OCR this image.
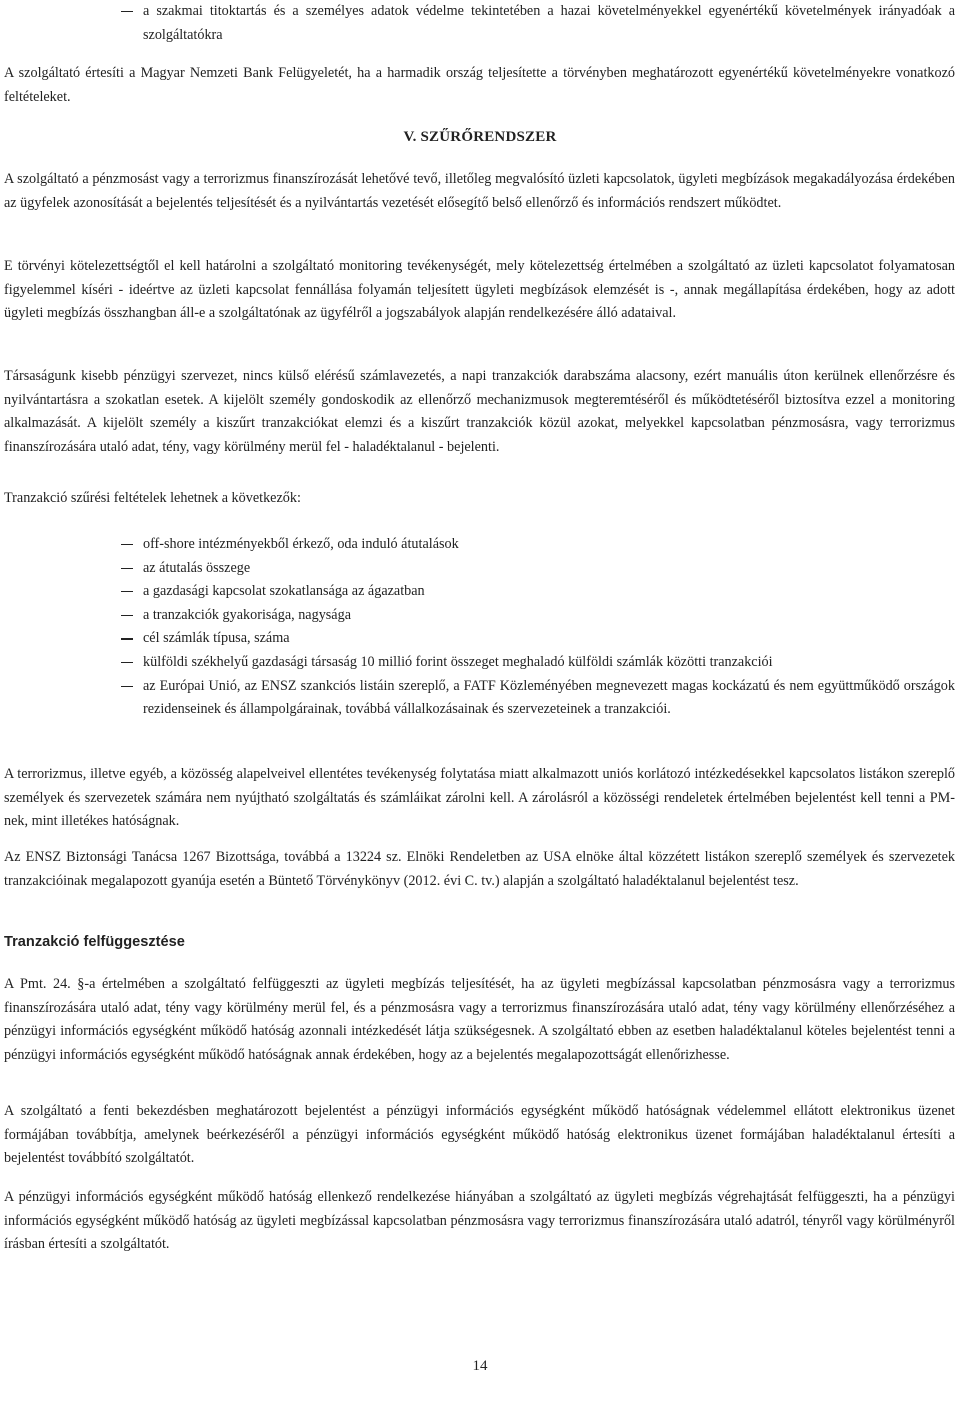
a szakmai titoktartás és a személyes adatok védelme tekintetében a hazai követelményekkel egyenértékű követelmények irányadóak a szolgáltatókra

A szolgáltató értesíti a Magyar Nemzeti Bank Felügyeletét, ha a harmadik ország teljesítette a törvényben meghatározott egyenértékű követelményekre vonatkozó feltételeket.

V. SZŰRŐRENDSZER

A szolgáltató a pénzmosást vagy a terrorizmus finanszírozását lehetővé tevő, illetőleg megvalósító üzleti kapcsolatok, ügyleti megbízások megakadályozása érdekében az ügyfelek azonosítását a bejelentés teljesítését és a nyilvántartás vezetését elősegítő belső ellenőrző és információs rendszert működtet.

E törvényi kötelezettségtől el kell határolni a szolgáltató monitoring tevékenységét, mely kötelezettség értelmében a szolgáltató az üzleti kapcsolatot folyamatosan figyelemmel kíséri - ideértve az üzleti kapcsolat fennállása folyamán teljesített ügyleti megbízások elemzését is -, annak megállapítása érdekében, hogy az adott ügyleti megbízás összhangban áll-e a szolgáltatónak az ügyfélről a jogszabályok alapján rendelkezésére álló adataival.

Társaságunk kisebb pénzügyi szervezet, nincs külső elérésű számlavezetés, a napi tranzakciók darabszáma alacsony, ezért manuális úton kerülnek ellenőrzésre és nyilvántartásra a szokatlan esetek. A kijelölt személy gondoskodik az ellenőrző mechanizmusok megteremtéséről és működtetéséről biztosítva ezzel a monitoring alkalmazását. A kijelölt személy a kiszűrt tranzakciókat elemzi és a kiszűrt tranzakciók közül azokat, melyekkel kapcsolatban pénzmosásra, vagy terrorizmus finanszírozására utaló adat, tény, vagy körülmény merül fel - haladéktalanul - bejelenti.

Tranzakció szűrési feltételek lehetnek a következők:

off-shore intézményekből érkező, oda induló átutalások
az átutalás összege
a gazdasági kapcsolat szokatlansága az ágazatban
a tranzakciók gyakorisága, nagysága
cél számlák típusa, száma
külföldi székhelyű gazdasági társaság 10 millió forint összeget meghaladó külföldi számlák közötti tranzakciói
az Európai Unió, az ENSZ szankciós listáin szereplő, a FATF Közleményében megnevezett magas kockázatú és nem együttműködő országok rezidenseinek és állampolgárainak, továbbá vállalkozásainak és szervezeteinek a tranzakciói.

A terrorizmus, illetve egyéb, a közösség alapelveivel ellentétes tevékenység folytatása miatt alkalmazott uniós korlátozó intézkedésekkel kapcsolatos listákon szereplő személyek és szervezetek számára nem nyújtható szolgáltatás és számláikat zárolni kell. A zárolásról a közösségi rendeletek értelmében bejelentést kell tenni a PM-nek, mint illetékes hatóságnak.

Az ENSZ Biztonsági Tanácsa 1267 Bizottsága, továbbá a 13224 sz. Elnöki Rendeletben az USA elnöke által közzétett listákon szereplő személyek és szervezetek tranzakcióinak megalapozott gyanúja esetén a Büntető Törvénykönyv (2012. évi C. tv.) alapján a szolgáltató haladéktalanul bejelentést tesz.

Tranzakció felfüggesztése

A Pmt. 24. §-a értelmében a szolgáltató felfüggeszti az ügyleti megbízás teljesítését, ha az ügyleti megbízással kapcsolatban pénzmosásra vagy a terrorizmus finanszírozására utaló adat, tény vagy körülmény merül fel, és a pénzmosásra vagy a terrorizmus finanszírozására utaló adat, tény vagy körülmény ellenőrzéséhez a pénzügyi információs egységként működő hatóság azonnali intézkedését látja szükségesnek. A szolgáltató ebben az esetben haladéktalanul köteles bejelentést tenni a pénzügyi információs egységként működő hatóságnak annak érdekében, hogy az a bejelentés megalapozottságát ellenőrizhesse.

A szolgáltató a fenti bekezdésben meghatározott bejelentést a pénzügyi információs egységként működő hatóságnak védelemmel ellátott elektronikus üzenet formájában továbbítja, amelynek beérkezéséről a pénzügyi információs egységként működő hatóság elektronikus üzenet formájában haladéktalanul értesíti a bejelentést továbbító szolgáltatót.

A pénzügyi információs egységként működő hatóság ellenkező rendelkezése hiányában a szolgáltató az ügyleti megbízás végrehajtását felfüggeszti, ha a pénzügyi információs egységként működő hatóság az ügyleti megbízással kapcsolatban pénzmosásra vagy terrorizmus finanszírozására utaló adatról, tényről vagy körülményről írásban értesíti a szolgáltatót.

14
